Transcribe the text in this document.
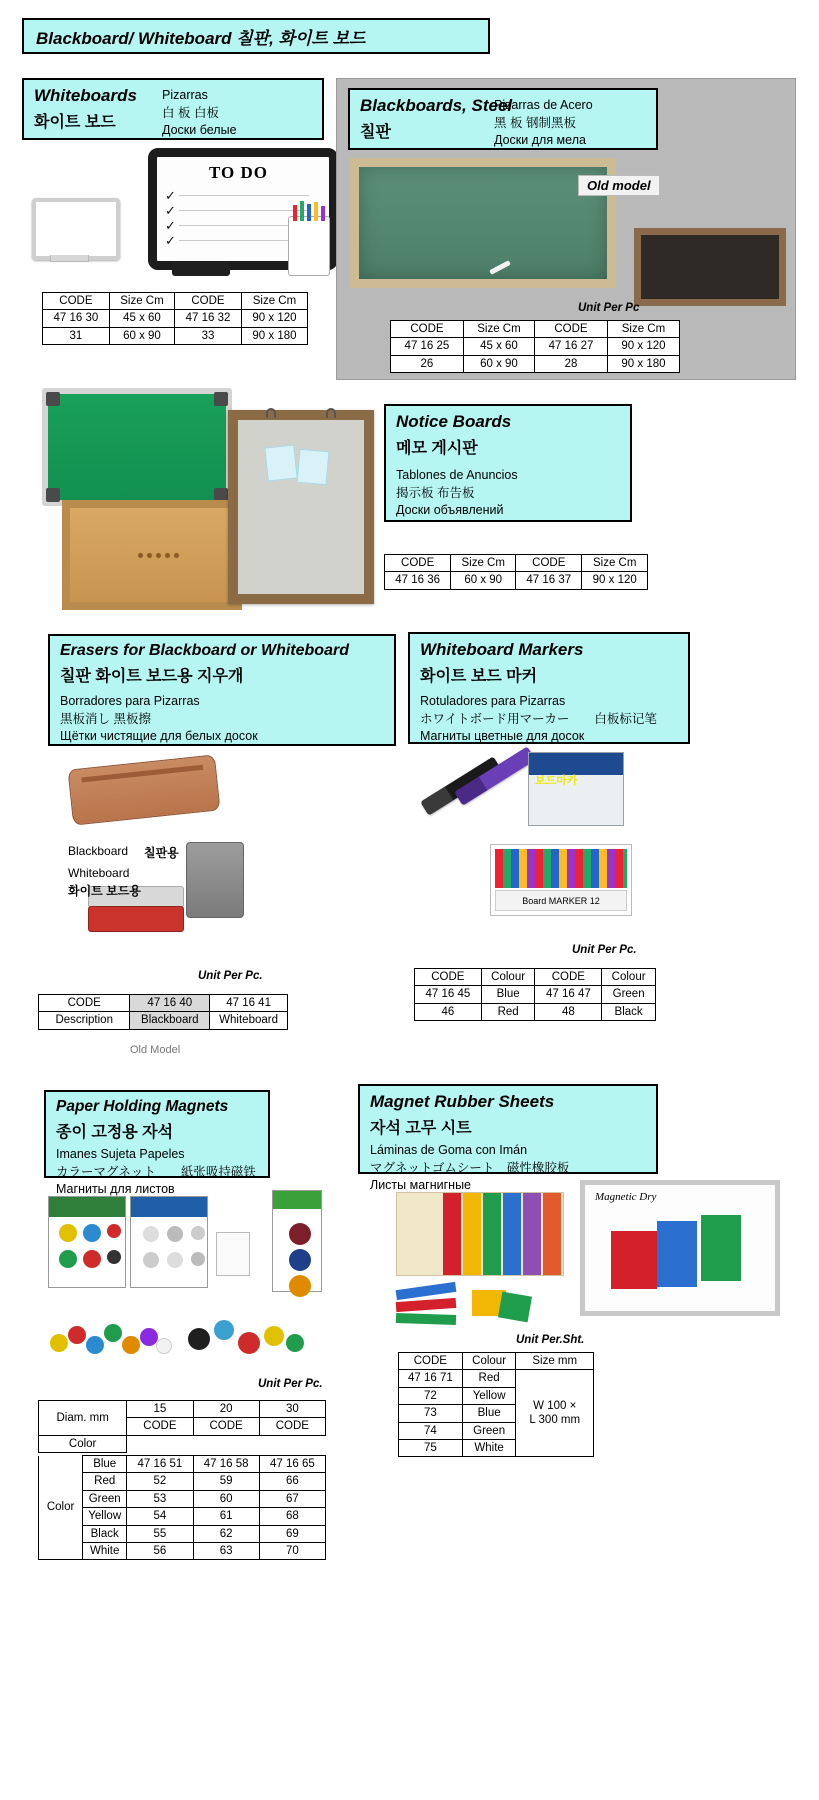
Blackboard/ Whiteboard 칠판, 화이트 보드
Whiteboards
화이트 보드
Pizarras
白 板 白板
Доски белые
TO DO
✓
✓
✓
✓
CODE	Size Cm	CODE	Size Cm
47 16 30	45 x 60	47 16 32	90 x 120
31	60 x 90	33	90 x 180
Blackboards, Steel
칠판
Pizarras de Acero
黑 板 钢制黑板
Доски для мела
Old model
Unit Per Pc
CODE	Size Cm	CODE	Size Cm
47 16 25	45 x 60	47 16 27	90 x 120
26	60 x 90	28	90 x 180
Notice Boards
메모 게시판
Tablones de Anuncios
揭示板 布告板
Доски объявлений
CODE	Size Cm	CODE	Size Cm
47 16 36	60 x 90	47 16 37	90 x 120
Erasers for Blackboard or Whiteboard
칠판 화이트 보드용 지우개
Borradores para Pizarras
黒板消し 黑板擦
Щётки чистящие для белых досок
Blackboard 칠판용
Whiteboard
화이트 보드용
Unit Per Pc.
CODE	47 16 40	47 16 41
Description	Blackboard	Whiteboard
Old Model
Whiteboard Markers
화이트 보드 마커
Rotuladores para Pizarras
ホワイトボード用マーカー　　白板标记笔
Магниты цветные для досок
보드마카
Board MARKER 12
Unit Per Pc.
CODE	Colour	CODE	Colour
47 16 45	Blue	47 16 47	Green
46	Red	48	Black
Paper Holding Magnets
종이 고정용 자석
Imanes Sujeta Papeles
カラーマグネット　　紙张吸持磁铁
Магниты для листов
Unit Per Pc.
Diam. mm	15	20	30
	CODE	CODE	CODE
Color			
Color	Blue	47 16 51	47 16 58	47 16 65
	Red	52	59	66
	Green	53	60	67
	Yellow	54	61	68
	Black	55	62	69
	White	56	63	70
Magnet Rubber Sheets
자석 고무 시트
Láminas de Goma con Imán
マグネットゴムシート　磁性橡胶板
Листы магнигные
Magnetic Dry
Unit Per.Sht.
CODE	Colour	Size mm
47 16 71	Red	W 100 ×
L 300 mm
72	Yellow	
73	Blue	
74	Green	
75	White	
